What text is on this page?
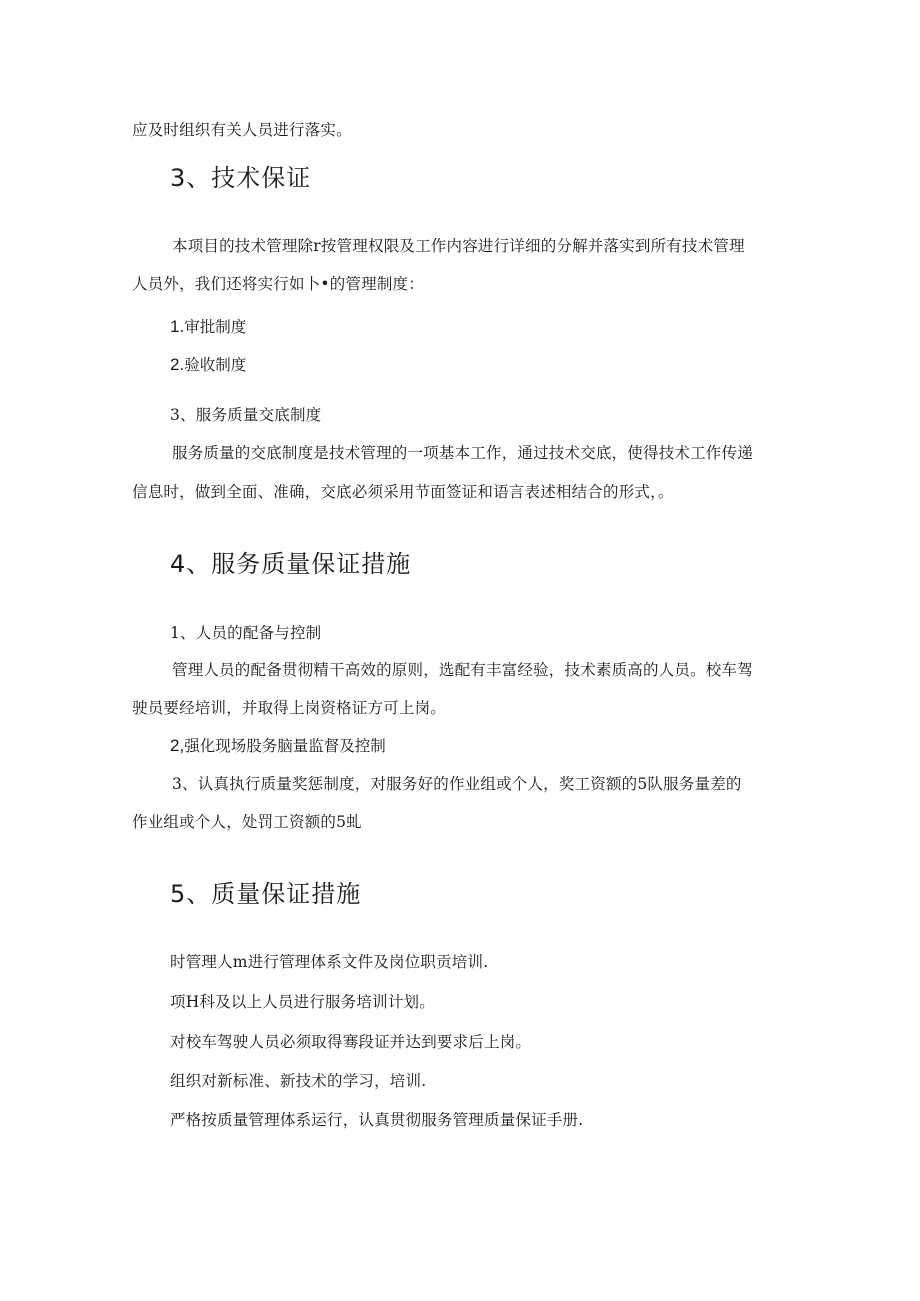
应及时组织有关人员进行落实。

3、技术保证

本项目的技术管理除r按管理权限及工作内容进行详细的分解并落实到所有技术管理

人员外，我们还将实行如卜•的管理制度：

1.审批制度

2.验收制度

3、服务质量交底制度

服务质量的交底制度是技术管理的一项基本工作，通过技术交底，使得技术工作传递

信息时，做到全面、准确，交底必须采用节面签证和语言表述相结合的形式，。

4、服务质量保证措施

1、人员的配备与控制

管理人员的配备贯彻精干高效的原则，选配有丰富经验，技术素质高的人员。校车驾

驶员要经培训，并取得上岗资格证方可上岗。

2,强化现场股务脑量监督及控制

3、认真执行质量奖惩制度，对服务好的作业组或个人，奖工资额的5队服务量差的

作业组或个人，处罚工资额的5虬

5、质量保证措施

时管理人m进行管理体系文件及岗位职贡培训.

项H科及以上人员进行服务培训计划。

对校车驾驶人员必须取得骞段证并达到要求后上岗。

组织对新标准、新技术的学习，培训.

严格按质量管理体系运行，认真贯彻服务管理质量保证手册.
